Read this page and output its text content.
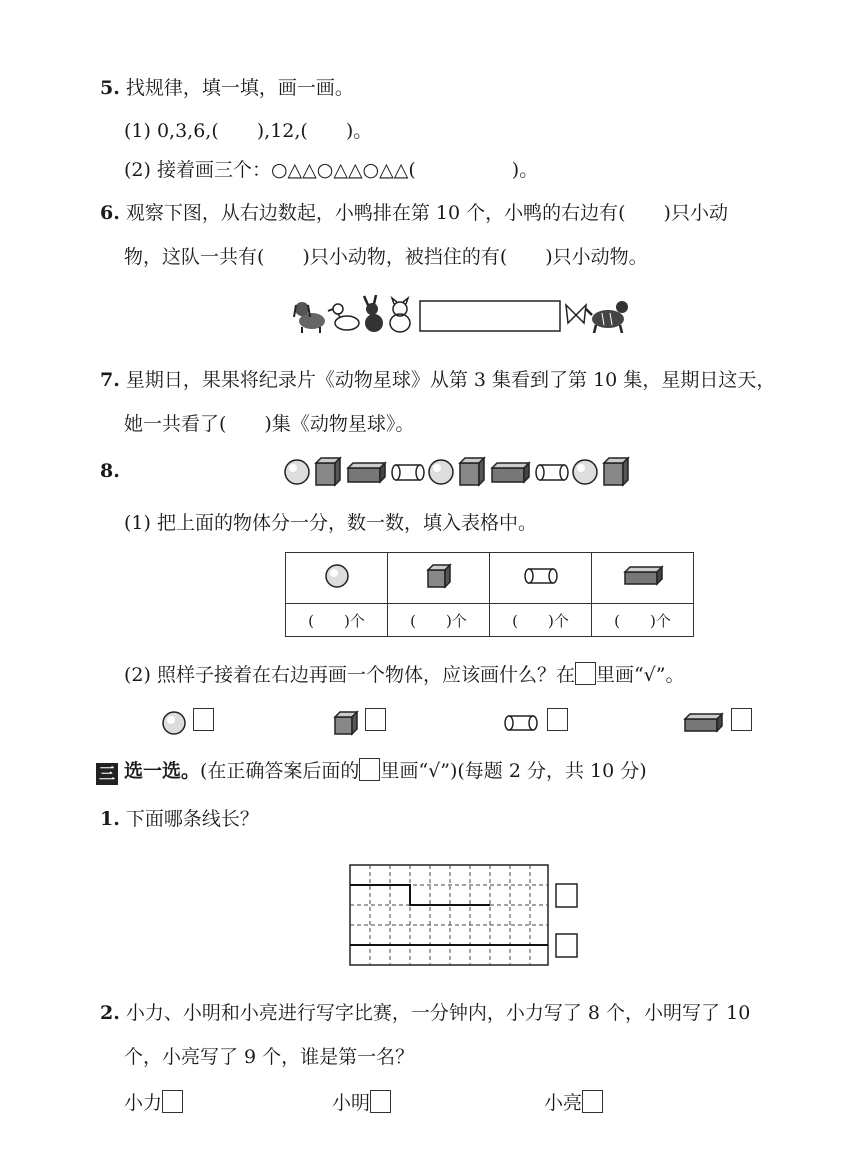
5. 找规律，填一填，画一画。
(1) 0,3,6,(　　),12,(　　)。
(2) 接着画三个：○△△○△△○△△(	)。
6. 观察下图，从右边数起，小鸭排在第 10 个，小鸭的右边有(　　)只小动
物，这队一共有(　　)只小动物，被挡住的有(　　)只小动物。
7. 星期日，果果将纪录片《动物星球》从第 3 集看到了第 10 集，星期日这天，
她一共看了(　　)集《动物星球》。
8.
(1) 把上面的物体分一分，数一数，填入表格中。

(　　)个	(　　)个	(　　)个	(　　)个
(2) 照样子接着在右边再画一个物体，应该画什么？在 里画“√”。

三 选一选。(在正确答案后面的 里画“√”)(每题 2 分，共 10 分)
1. 下面哪条线长？
2. 小力、小明和小亮进行写字比赛，一分钟内，小力写了 8 个，小明写了 10
个，小亮写了 9 个，谁是第一名？
小力	小明	小亮
